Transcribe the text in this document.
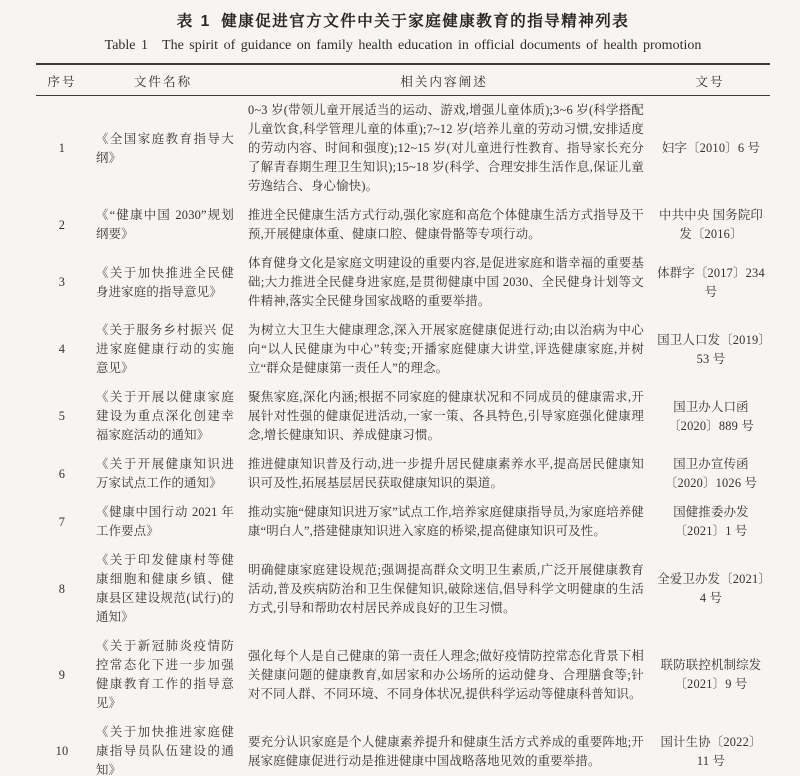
表 1 健康促进官方文件中关于家庭健康教育的指导精神列表
Table 1 The spirit of guidance on family health education in official documents of health promotion
序号	文件名称	相关内容阐述	文号
1	《全国家庭教育指导大纲》	0~3 岁(带领儿童开展适当的运动、游戏,增强儿童体质);3~6 岁(科学搭配儿童饮食,科学管理儿童的体重);7~12 岁(培养儿童的劳动习惯,安排适度的劳动内容、时间和强度);12~15 岁(对儿童进行性教育、指导家长充分了解青春期生理卫生知识);15~18 岁(科学、合理安排生活作息,保证儿童劳逸结合、身心愉快)。	妇字〔2010〕6 号
2	《“健康中国 2030”规划纲要》	推进全民健康生活方式行动,强化家庭和高危个体健康生活方式指导及干预,开展健康体重、健康口腔、健康骨骼等专项行动。	中共中央 国务院印发〔2016〕
3	《关于加快推进全民健身进家庭的指导意见》	体育健身文化是家庭文明建设的重要内容,是促进家庭和谐幸福的重要基础;大力推进全民健身进家庭,是贯彻健康中国 2030、全民健身计划等文件精神,落实全民健身国家战略的重要举措。	体群字〔2017〕234 号
4	《关于服务乡村振兴 促进家庭健康行动的实施意见》	为树立大卫生大健康理念,深入开展家庭健康促进行动;由以治病为中心向“以人民健康为中心”转变;开播家庭健康大讲堂,评选健康家庭,并树立“群众是健康第一责任人”的理念。	国卫人口发〔2019〕53 号
5	《关于开展以健康家庭建设为重点深化创建幸福家庭活动的通知》	聚焦家庭,深化内涵;根据不同家庭的健康状况和不同成员的健康需求,开展针对性强的健康促进活动,一家一策、各具特色,引导家庭强化健康理念,增长健康知识、养成健康习惯。	国卫办人口函〔2020〕889 号
6	《关于开展健康知识进万家试点工作的通知》	推进健康知识普及行动,进一步提升居民健康素养水平,提高居民健康知识可及性,拓展基层居民获取健康知识的渠道。	国卫办宣传函〔2020〕1026 号
7	《健康中国行动 2021 年工作要点》	推动实施“健康知识进万家”试点工作,培养家庭健康指导员,为家庭培养健康“明白人”,搭建健康知识进入家庭的桥梁,提高健康知识可及性。	国健推委办发〔2021〕1 号
8	《关于印发健康村等健康细胞和健康乡镇、健康县区建设规范(试行)的通知》	明确健康家庭建设规范;强调提高群众文明卫生素质,广泛开展健康教育活动,普及疾病防治和卫生保健知识,破除迷信,倡导科学文明健康的生活方式,引导和帮助农村居民养成良好的卫生习惯。	全爱卫办发〔2021〕4 号
9	《关于新冠肺炎疫情防控常态化下进一步加强健康教育工作的指导意见》	强化每个人是自己健康的第一责任人理念;做好疫情防控常态化背景下相关健康问题的健康教育,如居家和办公场所的运动健身、合理膳食等;针对不同人群、不同环境、不同身体状况,提供科学运动等健康科普知识。	联防联控机制综发〔2021〕9 号
10	《关于加快推进家庭健康指导员队伍建设的通知》	要充分认识家庭是个人健康素养提升和健康生活方式养成的重要阵地;开展家庭健康促进行动是推进健康中国战略落地见效的重要举措。	国计生协〔2022〕11 号
